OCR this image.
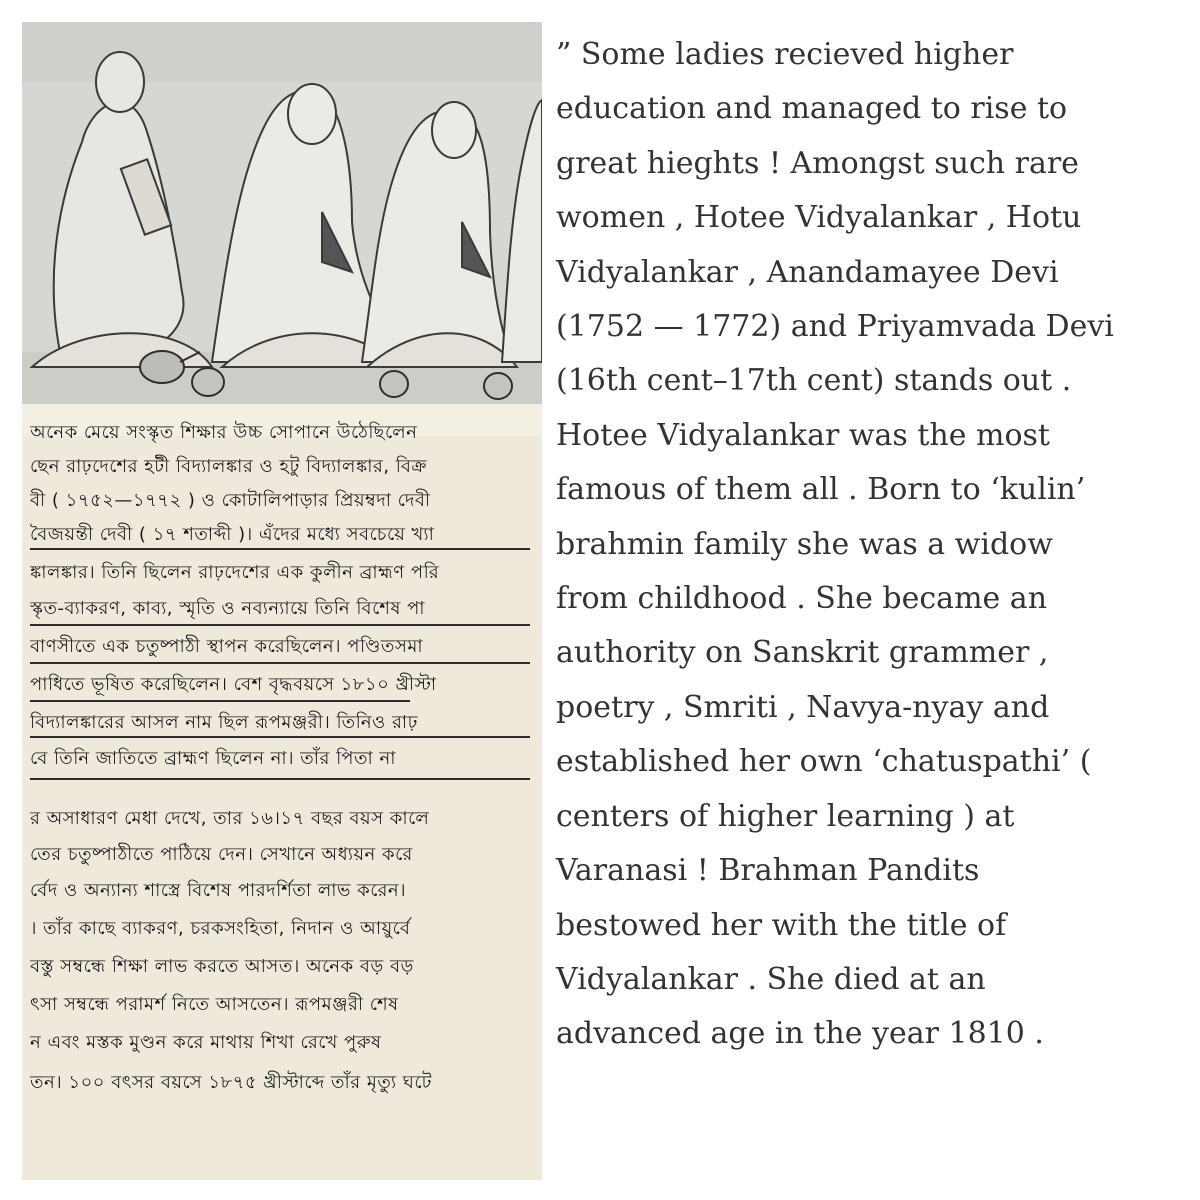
অনেক মেয়ে সংস্কৃত শিক্ষার উচ্চ সোপানে উঠেছিলেন
ছেন রাঢ়দেশের হটী বিদ্যালঙ্কার ও হটু বিদ্যালঙ্কার, বিক্র
বী ( ১৭৫২—১৭৭২ ) ও কোটালিপাড়ার প্রিয়ম্বদা দেবী
বৈজয়ন্তী দেবী ( ১৭ শতাব্দী )। এঁদের মধ্যে সবচেয়ে খ্যা
ঙ্কালঙ্কার। তিনি ছিলেন রাঢ়দেশের এক কুলীন ব্রাহ্মণ পরি
স্কৃত-ব্যাকরণ, কাব্য, স্মৃতি ও নব্যন্যায়ে তিনি বিশেষ পা
বাণসীতে এক চতুষ্পাঠী স্থাপন করেছিলেন। পণ্ডিতসমা
পাধিতে ভূষিত করেছিলেন। বেশ বৃদ্ধবয়সে ১৮১০ খ্রীস্টা
বিদ্যালঙ্কারের আসল নাম ছিল রূপমঞ্জরী। তিনিও রাঢ়
বে তিনি জাতিতে ব্রাহ্মণ ছিলেন না। তাঁর পিতা না
র অসাধারণ মেধা দেখে, তার ১৬।১৭ বছর বয়স কালে
তের চতুষ্পাঠীতে পাঠিয়ে দেন। সেখানে অধ্যয়ন করে
র্বেদ ও অন্যান্য শাস্ত্রে বিশেষ পারদর্শিতা লাভ করেন।
। তাঁর কাছে ব্যাকরণ, চরকসংহিতা, নিদান ও আয়ুর্বে
বস্তু সম্বন্ধে শিক্ষা লাভ করতে আসত। অনেক বড় বড়
ৎসা সম্বন্ধে পরামর্শ নিতে আসতেন। রূপমঞ্জরী শেষ
ন এবং মস্তক মুণ্ডন করে মাথায় শিখা রেখে পুরুষ
তন। ১০০ বৎসর বয়সে ১৮৭৫ খ্রীস্টাব্দে তাঁর মৃত্যু ঘটে

” Some ladies recieved higher
education and managed to rise to
great hieghts ! Amongst such rare
women , Hotee Vidyalankar , Hotu
Vidyalankar , Anandamayee Devi
(1752 — 1772) and Priyamvada Devi
(16th cent–17th cent) stands out .
Hotee Vidyalankar was the most
famous of them all . Born to ‘kulin’
brahmin family she was a widow
from childhood . She became an
authority on Sanskrit grammer ,
poetry , Smriti , Navya-nyay and
established her own ‘chatuspathi’ (
centers of higher learning ) at
Varanasi ! Brahman Pandits
bestowed her with the title of
Vidyalankar . She died at an
advanced age in the year 1810 .
